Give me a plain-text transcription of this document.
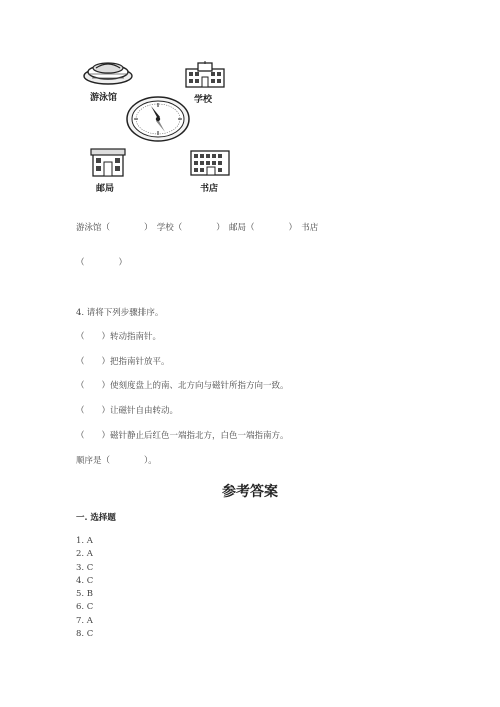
游泳馆	学校
邮局	书店
游泳馆（　　　　）　学校（　　　　）　邮局（　　　　）　书店
（　　　　）
4. 请将下列步骤排序。
（　　）转动指南针。
（　　）把指南针放平。
（　　）使刻度盘上的南、北方向与磁针所指方向一致。
（　　）让磁针自由转动。
（　　）磁针静止后红色一端指北方，白色一端指南方。
顺序是（　　　　）。
参考答案
一. 选择题
1. A
2. A
3. C
4. C
5. B
6. C
7. A
8. C
